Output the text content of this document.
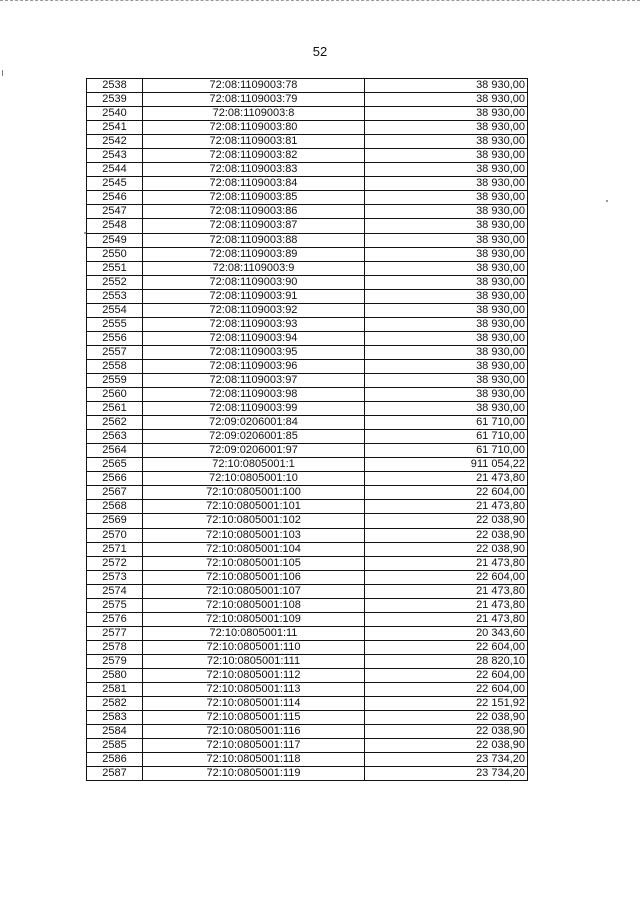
52
2538	72:08:1109003:78	38 930,00
2539	72:08:1109003:79	38 930,00
2540	72:08:1109003:8	38 930,00
2541	72:08:1109003:80	38 930,00
2542	72:08:1109003:81	38 930,00
2543	72:08:1109003:82	38 930,00
2544	72:08:1109003:83	38 930,00
2545	72:08:1109003:84	38 930,00
2546	72:08:1109003:85	38 930,00
2547	72:08:1109003:86	38 930,00
2548	72:08:1109003:87	38 930,00
2549	72:08:1109003:88	38 930,00
2550	72:08:1109003:89	38 930,00
2551	72:08:1109003:9	38 930,00
2552	72:08:1109003:90	38 930,00
2553	72:08:1109003:91	38 930,00
2554	72:08:1109003:92	38 930,00
2555	72:08:1109003:93	38 930,00
2556	72:08:1109003:94	38 930,00
2557	72:08:1109003:95	38 930,00
2558	72:08:1109003:96	38 930,00
2559	72:08:1109003:97	38 930,00
2560	72:08:1109003:98	38 930,00
2561	72:08:1109003:99	38 930,00
2562	72:09:0206001:84	61 710,00
2563	72:09:0206001:85	61 710,00
2564	72:09:0206001:97	61 710,00
2565	72:10:0805001:1	911 054,22
2566	72:10:0805001:10	21 473,80
2567	72:10:0805001:100	22 604,00
2568	72:10:0805001:101	21 473,80
2569	72:10:0805001:102	22 038,90
2570	72:10:0805001:103	22 038,90
2571	72:10:0805001:104	22 038,90
2572	72:10:0805001:105	21 473,80
2573	72:10:0805001:106	22 604,00
2574	72:10:0805001:107	21 473,80
2575	72:10:0805001:108	21 473,80
2576	72:10:0805001:109	21 473,80
2577	72:10:0805001:11	20 343,60
2578	72:10:0805001:110	22 604,00
2579	72:10:0805001:111	28 820,10
2580	72:10:0805001:112	22 604,00
2581	72:10:0805001:113	22 604,00
2582	72:10:0805001:114	22 151,92
2583	72:10:0805001:115	22 038,90
2584	72:10:0805001:116	22 038,90
2585	72:10:0805001:117	22 038,90
2586	72:10:0805001:118	23 734,20
2587	72:10:0805001:119	23 734,20
